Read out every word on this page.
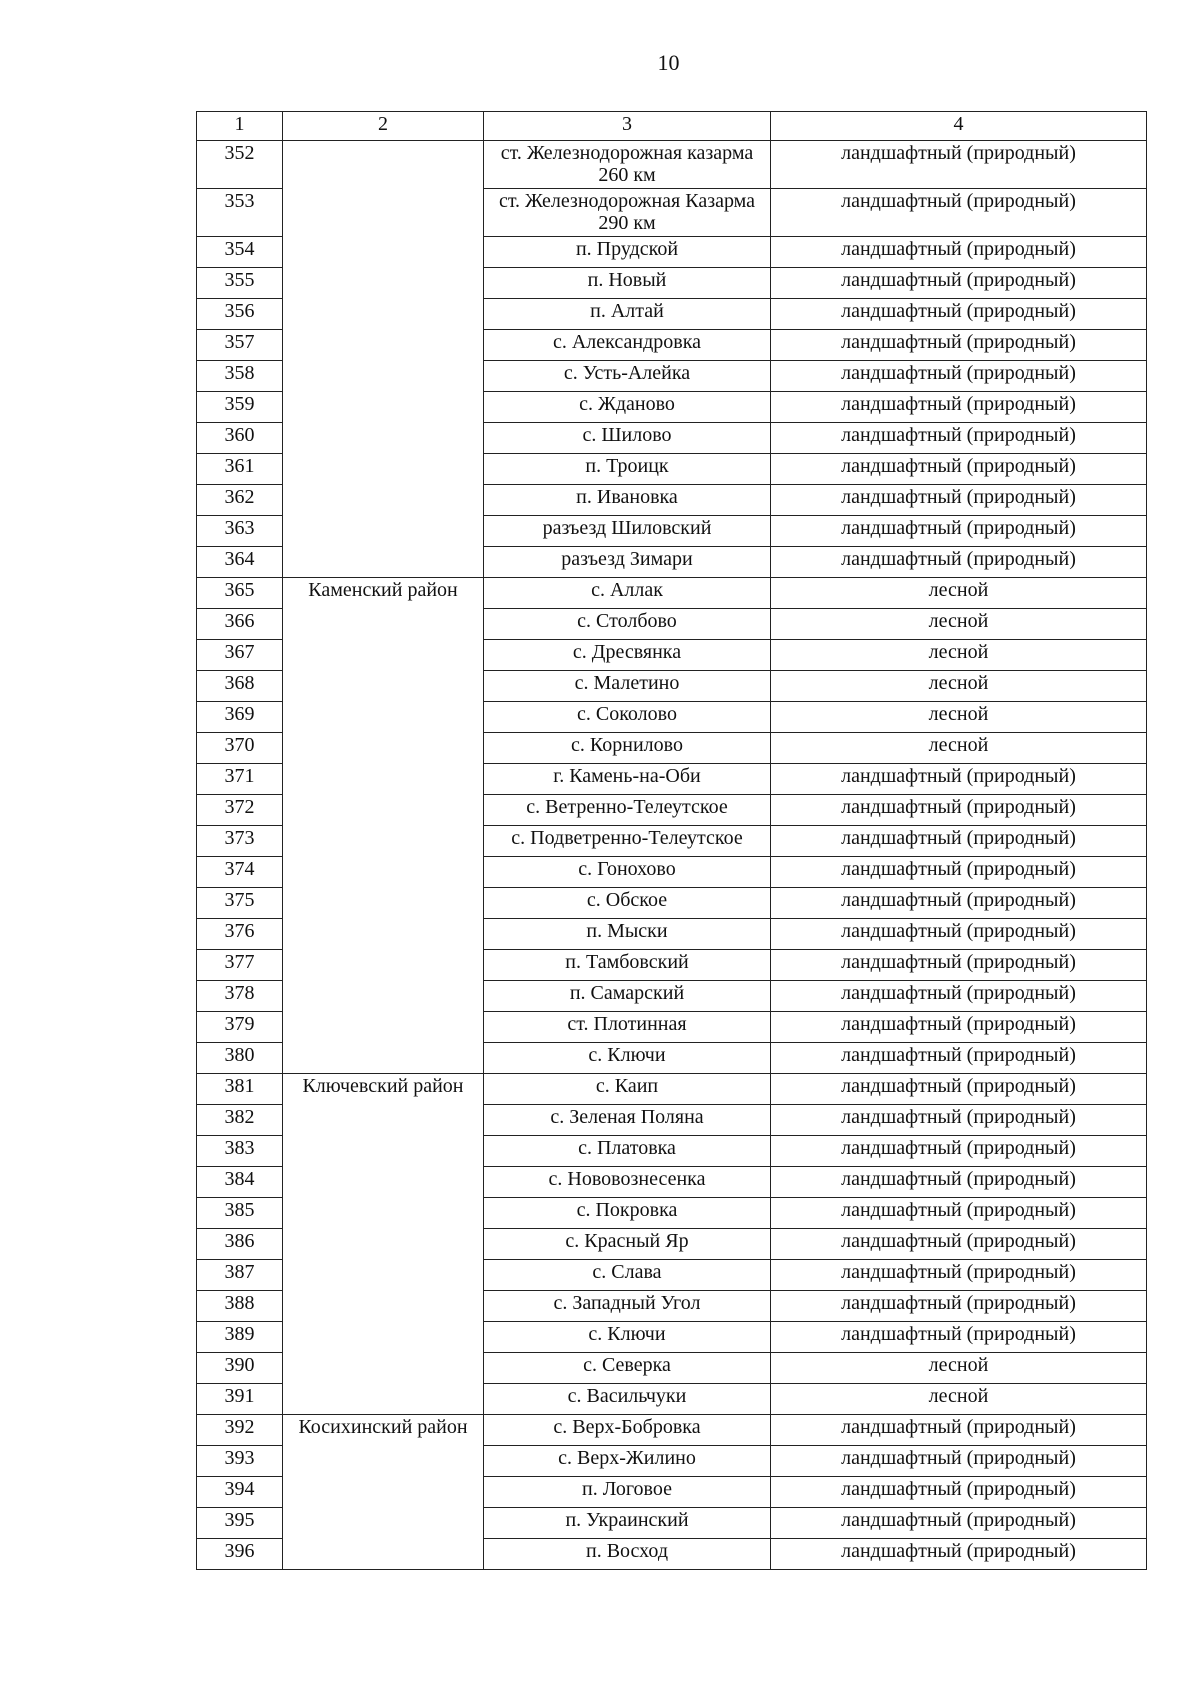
10
1	2	3	4
352		ст. Железнодорожная казарма 260 км	ландшафтный (природный)
353		ст. Железнодорожная Казарма 290 км	ландшафтный (природный)
354		п. Прудской	ландшафтный (природный)
355		п. Новый	ландшафтный (природный)
356		п. Алтай	ландшафтный (природный)
357		с. Александровка	ландшафтный (природный)
358		с. Усть-Алейка	ландшафтный (природный)
359		с. Жданово	ландшафтный (природный)
360		с. Шилово	ландшафтный (природный)
361		п. Троицк	ландшафтный (природный)
362		п. Ивановка	ландшафтный (природный)
363		разъезд Шиловский	ландшафтный (природный)
364		разъезд Зимари	ландшафтный (природный)
365	Каменский район	с. Аллак	лесной
366		с. Столбово	лесной
367		с. Дресвянка	лесной
368		с. Малетино	лесной
369		с. Соколово	лесной
370		с. Корнилово	лесной
371		г. Камень-на-Оби	ландшафтный (природный)
372		с. Ветренно-Телеутское	ландшафтный (природный)
373		с. Подветренно-Телеутское	ландшафтный (природный)
374		с. Гонохово	ландшафтный (природный)
375		с. Обское	ландшафтный (природный)
376		п. Мыски	ландшафтный (природный)
377		п. Тамбовский	ландшафтный (природный)
378		п. Самарский	ландшафтный (природный)
379		ст. Плотинная	ландшафтный (природный)
380		с. Ключи	ландшафтный (природный)
381	Ключевский район	с. Каип	ландшафтный (природный)
382		с. Зеленая Поляна	ландшафтный (природный)
383		с. Платовка	ландшафтный (природный)
384		с. Нововознесенка	ландшафтный (природный)
385		с. Покровка	ландшафтный (природный)
386		с. Красный Яр	ландшафтный (природный)
387		с. Слава	ландшафтный (природный)
388		с. Западный Угол	ландшафтный (природный)
389		с. Ключи	ландшафтный (природный)
390		с. Северка	лесной
391		с. Васильчуки	лесной
392	Косихинский район	с. Верх-Бобровка	ландшафтный (природный)
393		с. Верх-Жилино	ландшафтный (природный)
394		п. Логовое	ландшафтный (природный)
395		п. Украинский	ландшафтный (природный)
396		п. Восход	ландшафтный (природный)
